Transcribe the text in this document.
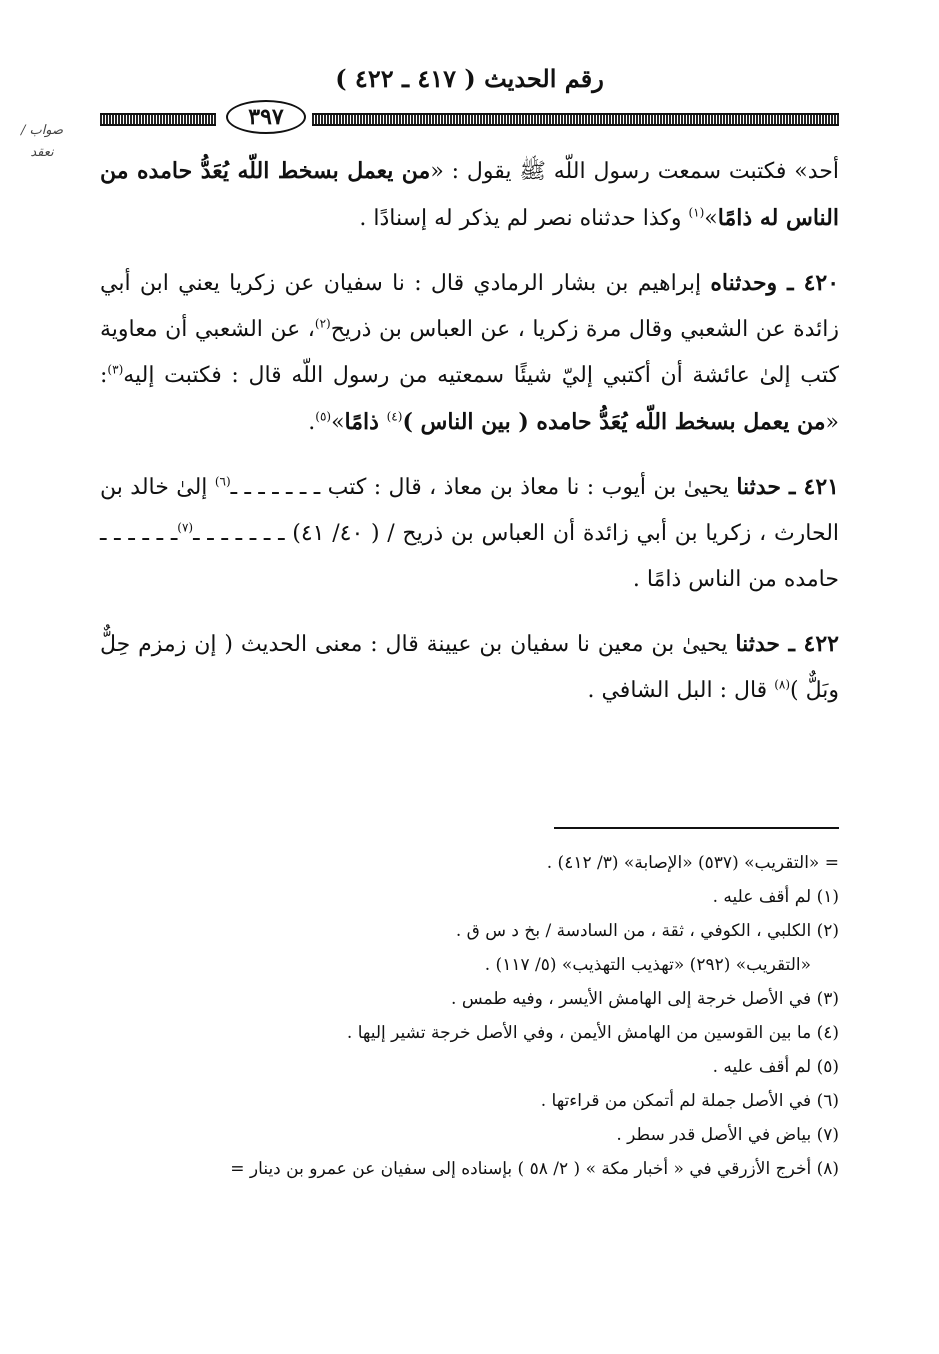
صواب / نعقد
رقم الحديث ( ٤١٧ ـ ٤٢٢ )
٣٩٧

أحد» فكتبت سمعت رسول اللّه ﷺ يقول : «من يعمل بسخط اللّه يُعَدُّ حامده من الناس له ذامًا»$^{(١)}$ وكذا حدثناه نصر لم يذكر له إسنادًا .

٤٢٠ ـ وحدثناه إبراهيم بن بشار الرمادي قال : نا سفيان عن زكريا يعني ابن أبي زائدة عن الشعبي وقال مرة زكريا ، عن العباس بن ذريح$^{(٢)}$، عن الشعبي أن معاوية كتب إلىٰ عائشة أن أكتبي إليّ شيئًا سمعتيه من رسول اللّه قال : فكتبت إليه$^{(٣)}$: «من يعمل بسخط اللّه يُعَدُّ حامده ( بين الناس )$^{(٤)}$ ذامًا»$^{(٥)}$.

٤٢١ ـ حدثنا يحيىٰ بن أيوب : نا معاذ بن معاذ ، قال : كتب ـ ـ ـ ـ ـ ـ ـ$^{(٦)}$ إلىٰ خالد بن الحارث ، زكريا بن أبي زائدة أن العباس بن ذريح / ( ٤٠/ ٤١) ـ ـ ـ ـ ـ ـ ـ$^{(٧)}$ـ ـ ـ ـ ـ ـ حامده من الناس ذامًا .

٤٢٢ ـ حدثنا يحيىٰ بن معين نا سفيان بن عيينة قال : معنى الحديث ( إن زمزم حِلٌّ وبَلٌّ )$^{(٨)}$ قال : البل الشافي .

= «التقريب» (٥٣٧) «الإصابة» (٣/ ٤١٢) .
(١) لم أقف عليه .
(٢) الكلبي ، الكوفي ، ثقة ، من السادسة / بخ د س ق .
«التقريب» (٢٩٢) «تهذيب التهذيب» (٥/ ١١٧) .
(٣) في الأصل خرجة إلى الهامش الأيسر ، وفيه طمس .
(٤) ما بين القوسين من الهامش الأيمن ، وفي الأصل خرجة تشير إليها .
(٥) لم أقف عليه .
(٦) في الأصل جملة لم أتمكن من قراءتها .
(٧) بياض في الأصل قدر سطر .
(٨) أخرج الأزرقي في « أخبار مكة » ( ٢/ ٥٨ ) بإسناده إلى سفيان عن عمرو بن دينار =
